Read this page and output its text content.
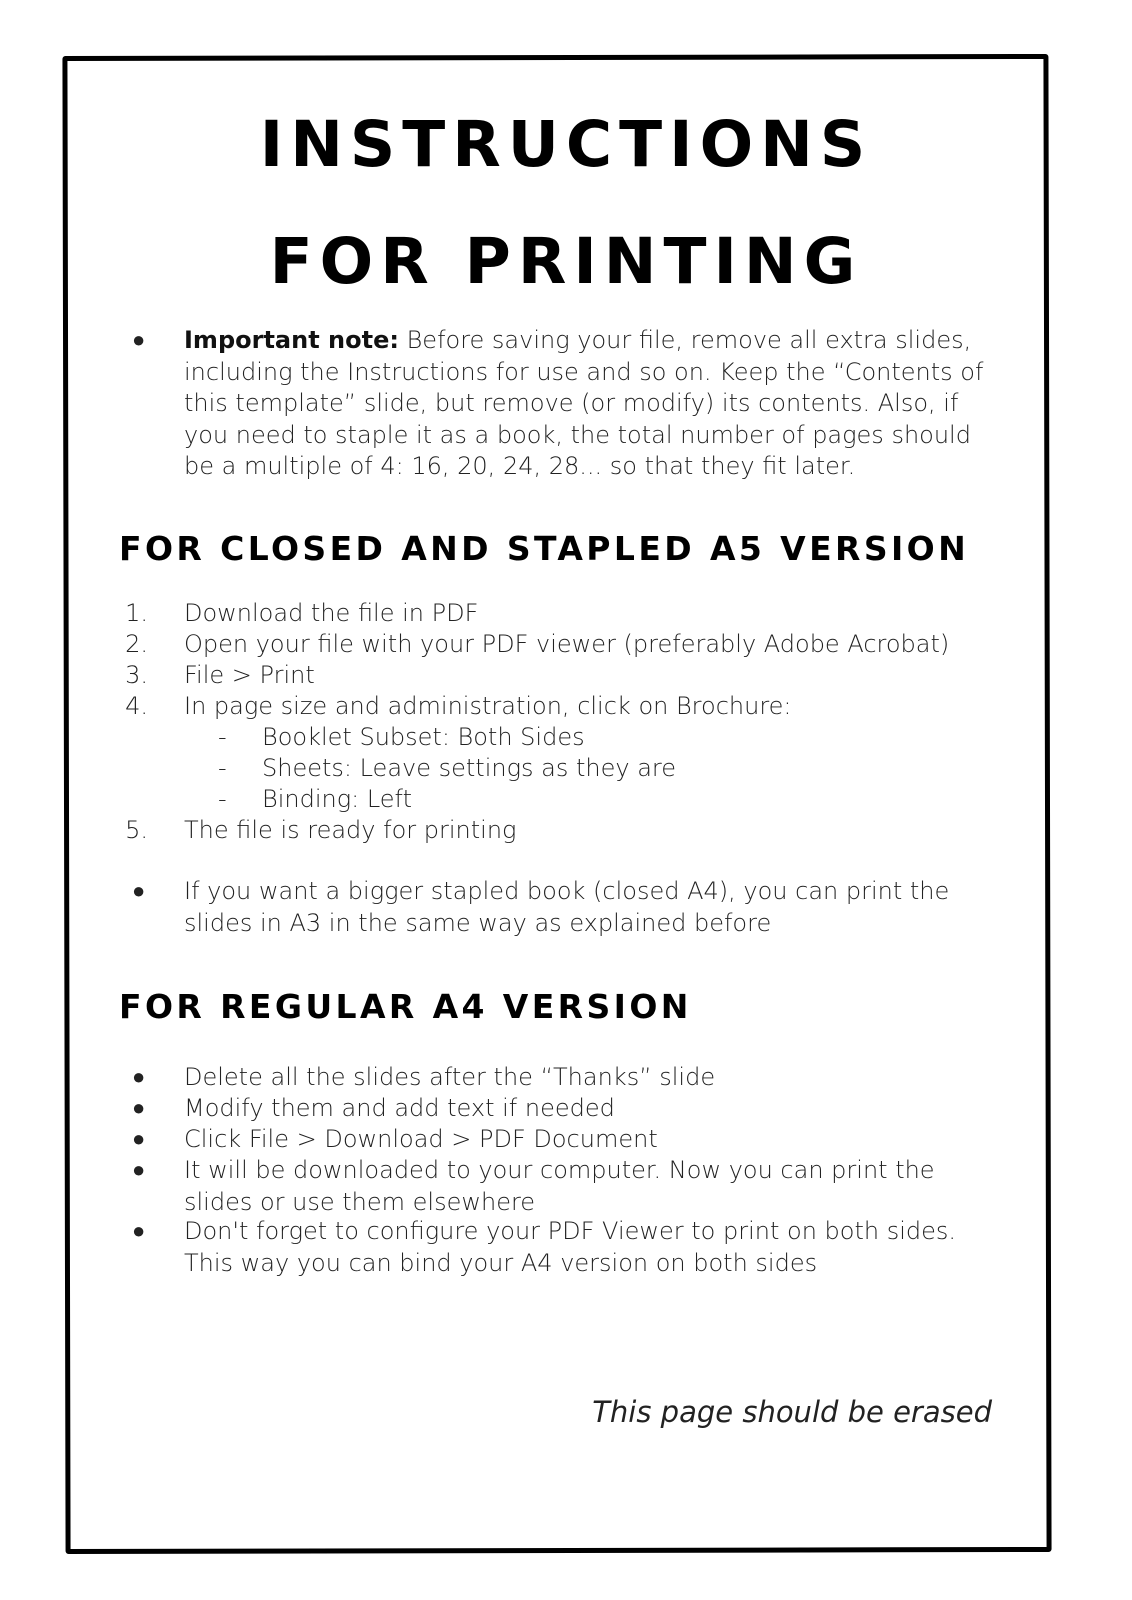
INSTRUCTIONS
FOR PRINTING
●	Important note: Before saving your file, remove all extra slides, including the Instructions for use and so on. Keep the “Contents of this template” slide, but remove (or modify) its contents. Also, if you need to staple it as a book, the total number of pages should be a multiple of 4: 16, 20, 24, 28... so that they fit later.
FOR CLOSED AND STAPLED A5 VERSION
1. Download the file in PDF
2. Open your file with your PDF viewer (preferably Adobe Acrobat)
3. File > Print
4. In page size and administration, click on Brochure:
- Booklet Subset: Both Sides
- Sheets: Leave settings as they are
- Binding: Left
5. The file is ready for printing
●	If you want a bigger stapled book (closed A4), you can print the slides in A3 in the same way as explained before
FOR REGULAR A4 VERSION
●	Delete all the slides after the “Thanks” slide
●	Modify them and add text if needed
●	Click File > Download > PDF Document
●	It will be downloaded to your computer. Now you can print the slides or use them elsewhere
●	Don't forget to configure your PDF Viewer to print on both sides. This way you can bind your A4 version on both sides
This page should be erased
